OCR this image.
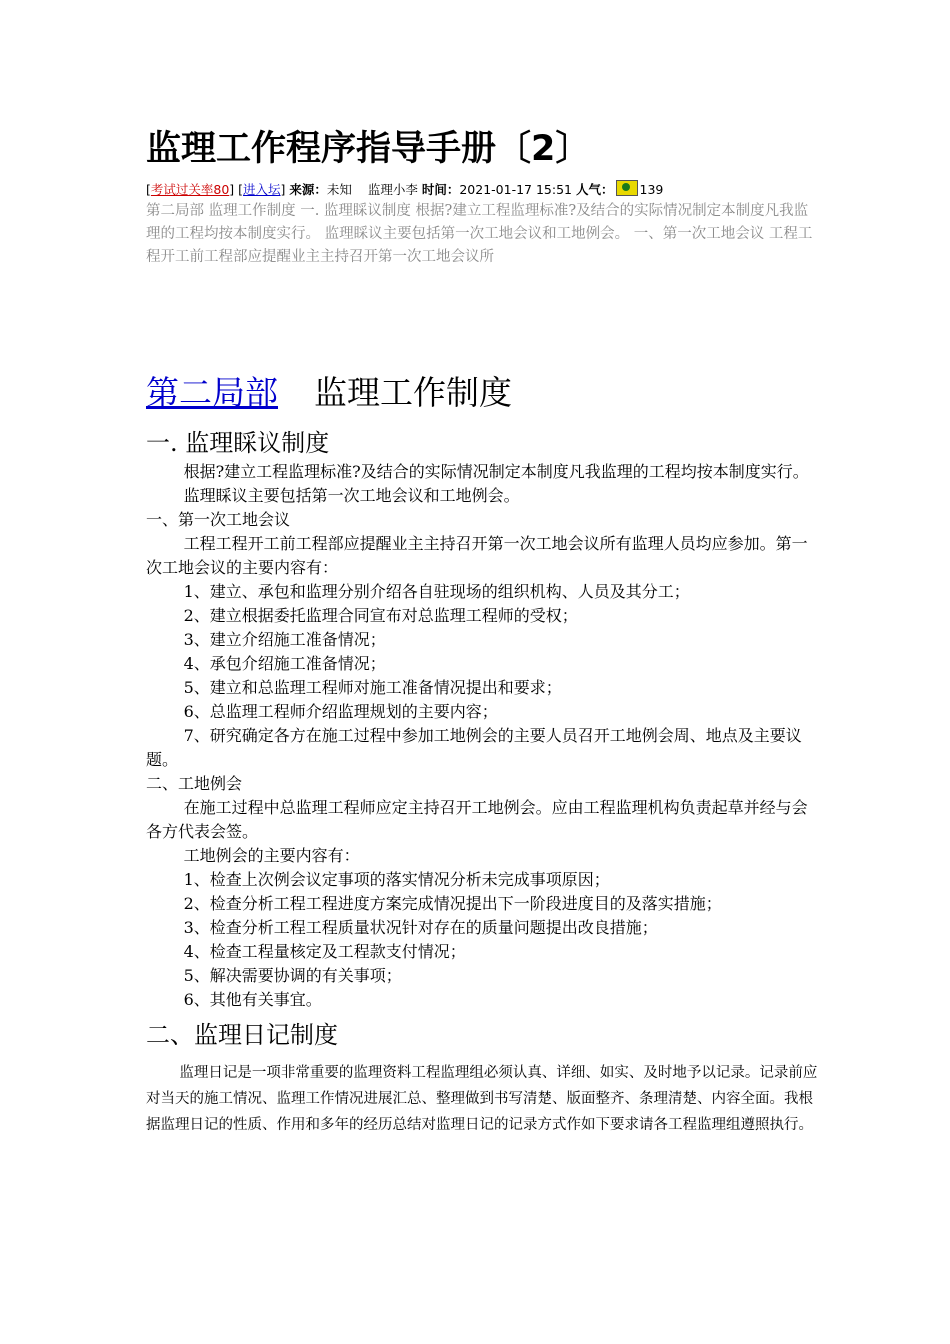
监理工作程序指导手册〔2〕
[考试过关率80] [进入坛] 来源：未知 监理小李 时间：2021-01-17 15:51 人气： 139
第二局部 监理工作制度 一. 监理睬议制度 根据?建立工程监理标准?及结合的实际情况制定本制度凡我监理的工程均按本制度实行。 监理睬议主要包括第一次工地会议和工地例会。 一、第一次工地会议 工程工程开工前工程部应提醒业主主持召开第一次工地会议所
第二局部 监理工作制度
一. 监理睬议制度

根据?建立工程监理标准?及结合的实际情况制定本制度凡我监理的工程均按本制度实行。

监理睬议主要包括第一次工地会议和工地例会。

一、第一次工地会议

工程工程开工前工程部应提醒业主主持召开第一次工地会议所有监理人员均应参加。第一次工地会议的主要内容有：

1、建立、承包和监理分别介绍各自驻现场的组织机构、人员及其分工；

2、建立根据委托监理合同宣布对总监理工程师的受权；

3、建立介绍施工准备情况；

4、承包介绍施工准备情况；

5、建立和总监理工程师对施工准备情况提出和要求；

6、总监理工程师介绍监理规划的主要内容；

7、研究确定各方在施工过程中参加工地例会的主要人员召开工地例会周、地点及主要议题。

二、工地例会

在施工过程中总监理工程师应定主持召开工地例会。应由工程监理机构负责起草并经与会各方代表会签。

工地例会的主要内容有：

1、检查上次例会议定事项的落实情况分析未完成事项原因；

2、检查分析工程工程进度方案完成情况提出下一阶段进度目的及落实措施；

3、检查分析工程工程质量状况针对存在的质量问题提出改良措施；

4、检查工程量核定及工程款支付情况；

5、解决需要协调的有关事项；

6、其他有关事宜。

二、监理日记制度

监理日记是一项非常重要的监理资料工程监理组必须认真、详细、如实、及时地予以记录。记录前应对当天的施工情况、监理工作情况进展汇总、整理做到书写清楚、版面整齐、条理清楚、内容全面。我根据监理日记的性质、作用和多年的经历总结对监理日记的记录方式作如下要求请各工程监理组遵照执行。
